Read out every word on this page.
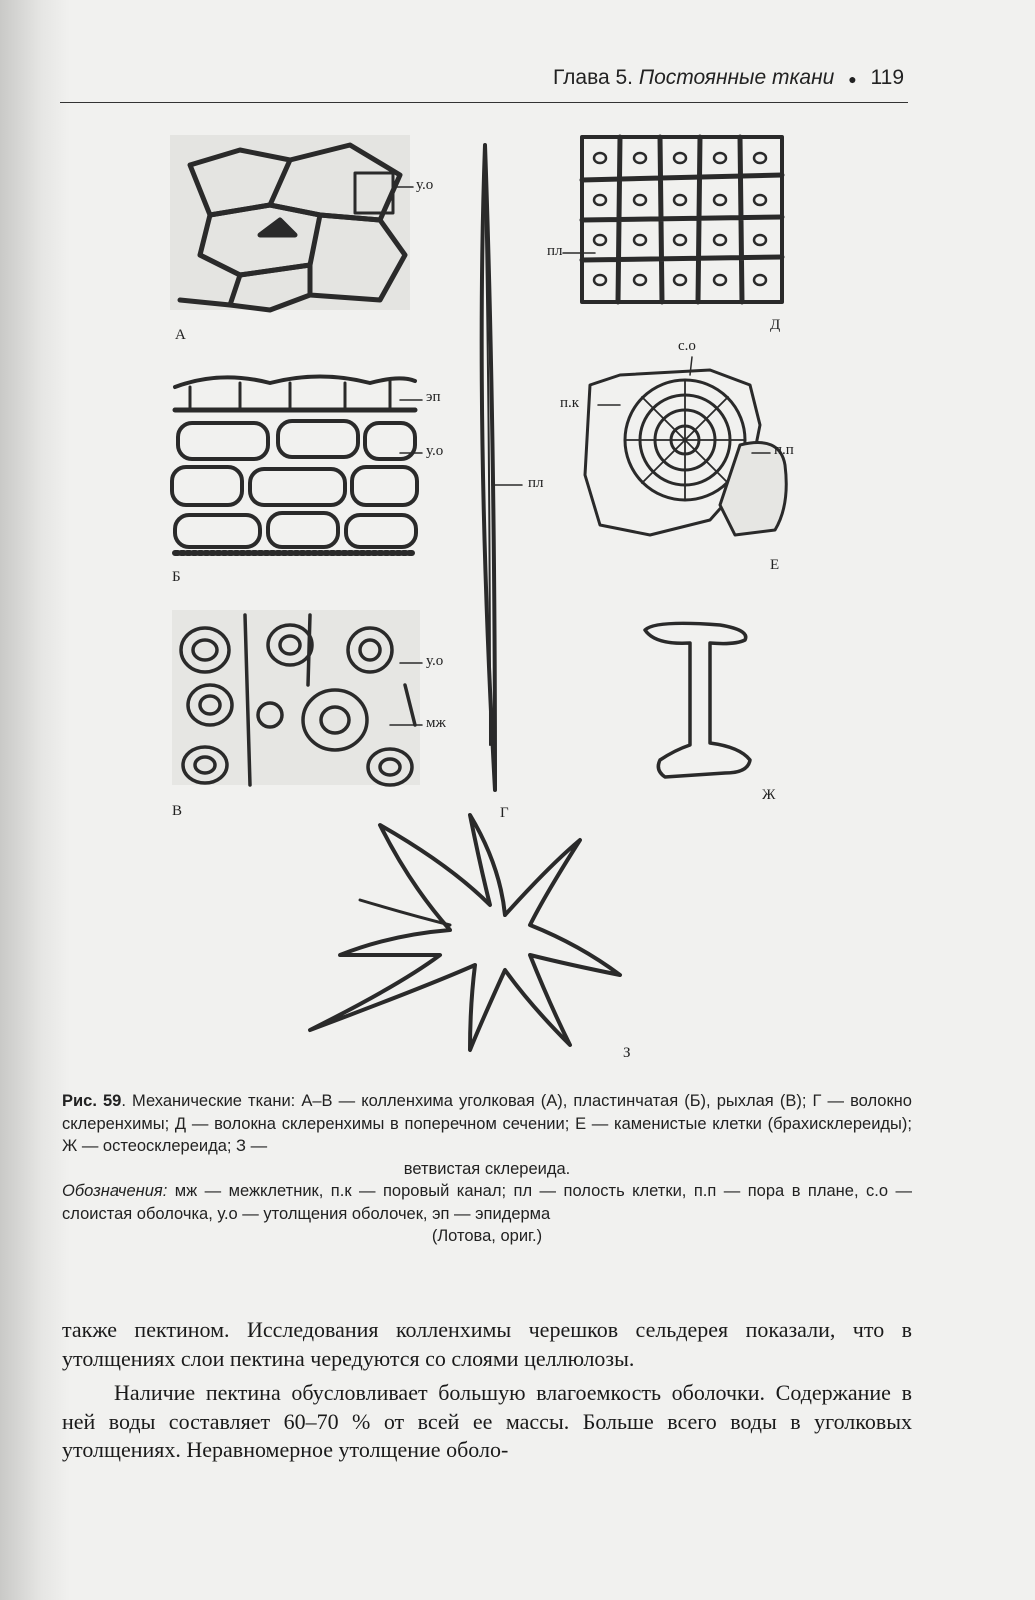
Глава 5. Постоянные ткани ● 119
А
Б
В	Г
Д
Е
Ж
З
у.о
эп
у.о
у.о
мж
пл
пл
с.о
п.к
п.п
Рис. 59. Механические ткани: А–В — колленхима уголковая (А), пластинчатая (Б), рыхлая (В); Г — волокно склеренхимы; Д — волокна склеренхимы в поперечном сечении; Е — каменистые клетки (брахисклереиды); Ж — остеосклереида; З —
ветвистая склереида.
Обозначения: мж — межклетник, п.к — поровый канал; пл — полость клетки, п.п — пора в плане, с.о — слоистая оболочка, у.о — утолщения оболочек, эп — эпидерма
(Лотова, ориг.)

также пектином. Исследования колленхимы черешков сельдерея показали, что в утолщениях слои пектина чередуются со слоями целлюлозы.

Наличие пектина обусловливает большую влагоемкость оболочки. Содержание в ней воды составляет 60–70 % от всей ее массы. Больше всего воды в уголковых утолщениях. Неравномерное утолщение оболо-
